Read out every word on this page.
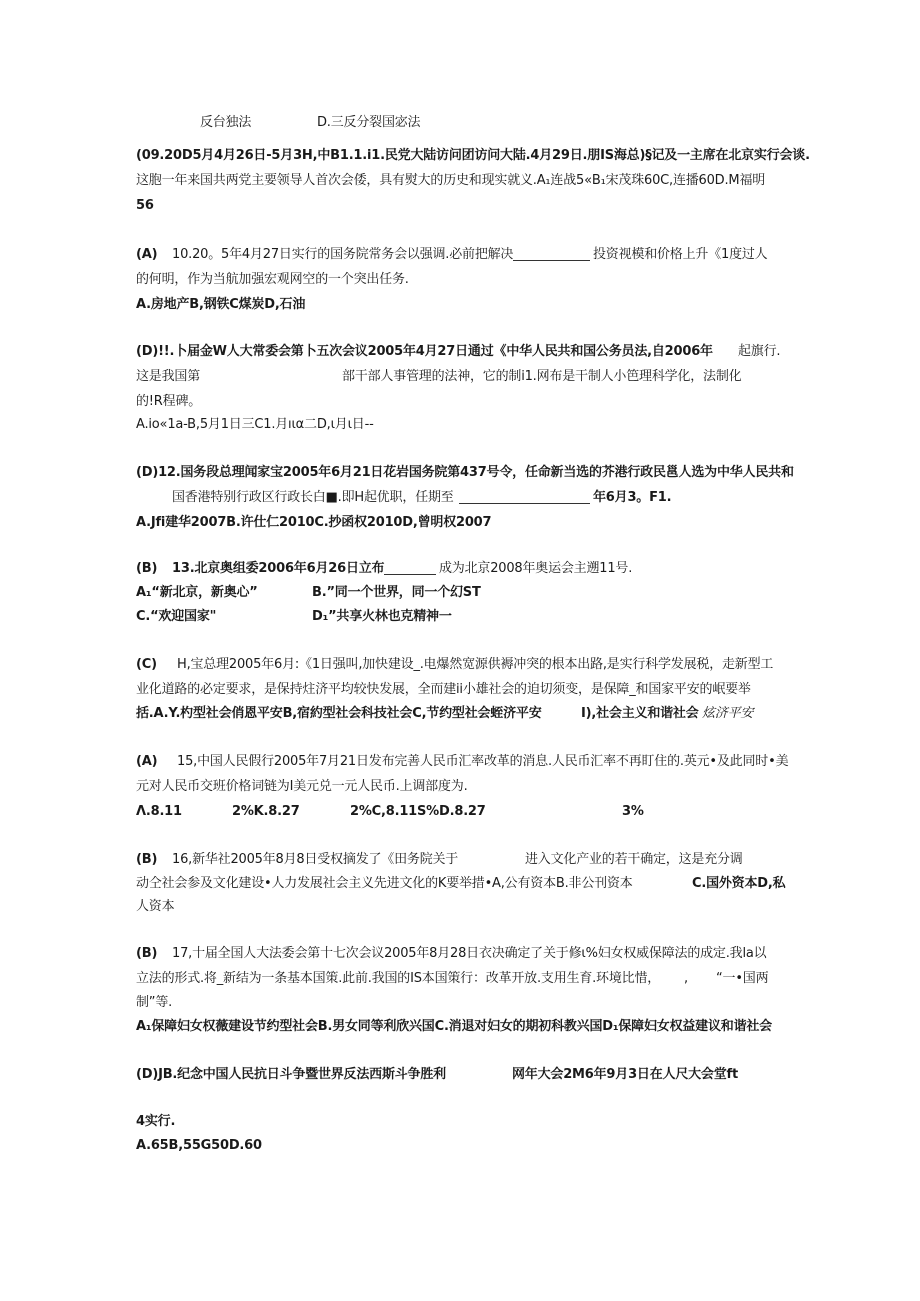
反台独法	D.三反分裂国宓法
(09.20D5月4月26日-5月3H,中B1.1.i1.民党大陆访问团访问大陆.4月29日.朋IS海总)§记及一主席在北京实行会谈.
这胞一年来国共两党主要领导人首次会倭，具有熨大的历史和现实就义.A₁连战5«B₁宋茂珠60C,连播60D.M福明
56
(A) 10.20。5年4月27日实行的国务院常务会以强调.必前把解决	投资视模和价格上升《1度过人
的何明，作为当航加强宏观网空的一个突出任务.
A.房地产B,钢铁C煤炭D,石油
(D)!!.卜届金W人大常委会第卜五次会议2005年4月27日通过《中华人民共和国公务员法,自2006年 起旗行.
这是我国第	部干部人事管理的法神，它的制i1.网布是干制人小笆理科学化，法制化
的!R程碑。
A.io«1a-B,5月1日三C1.月ıια二D,ι月ι日--
(D)12.国务段总理闻家宝2005年6月21日花岩国务院第437号令，任命新当选的芥港行政民邕人选为中华人民共和
国香港特别行政区行政长白■.即H起优职，任期至	年6月3。F1.
A.Jfi建华2007B.许仕仁2010C.抄函权2010D,曾明权2007
(B) 13.北京奥组委2006年6月26日立布	成为北京2008年奥运会主遡11号.
A₁“新北京，新奥心”	B.”同一个世界，同一个幻ST
C.“欢迎国家"	D₁”共享火林也克精神一
(C) H,宝总理2005年6月:《1日强叫,加快建设_.电爆然宽源供褥冲突的根本出路,是实行科学发展税，走新型工
业化道路的必定要求，是保持炷济平均较快发展，全而建ii小雄社会的迫切须变，是保障_和国家平安的岷要举
括.A.Y.杓型社会俏恩平安B,宿約型社会科技社会C,节约型社会蛭济平安	I),社会主义和谐社会 炫济平安
(A) 15,中国人民假行2005年7月21日发布完善人民币汇率改革的消息.人民币汇率不再盯住的.英元•及此同时•美
元对人民币交班价格词链为I美元兑一元人民币.上调部度为.
Λ.8.11	2%K.8.27	2%C,8.11S%D.8.27	3%
(B) 16,新华社2005年8月8日受权摘发了《田务院关于	进入文化产业的若干确定，这是充分调
动仝社会参及文化建设•人力发展社会主义先进文化的K要举措•A,公有资本B.非公刊资本	C.国外资本D,私
人资本
(B) 17,十届全国人大法委会第十七次会议2005年8月28日衣决确定了关于修ι%妇女权威保障法的成定.我la以
立法的形式.将_新结为一条基本国策.此前.我国的IS本国策行：改革开放.支用生育.环境比惜， , “一•国两
制”等.
A₁保障妇女权薇建设节约型社会B.男女同等利欣兴国C.消退对妇女的期初科教兴国D₁保障妇女权益建议和谐社会
(D)JB.纪念中国人民抗日斗争暨世界反法西斯斗争胜利	网年大会2M6年9月3日在人尺大会堂ft
4实行.
A.65B,55G50D.60
